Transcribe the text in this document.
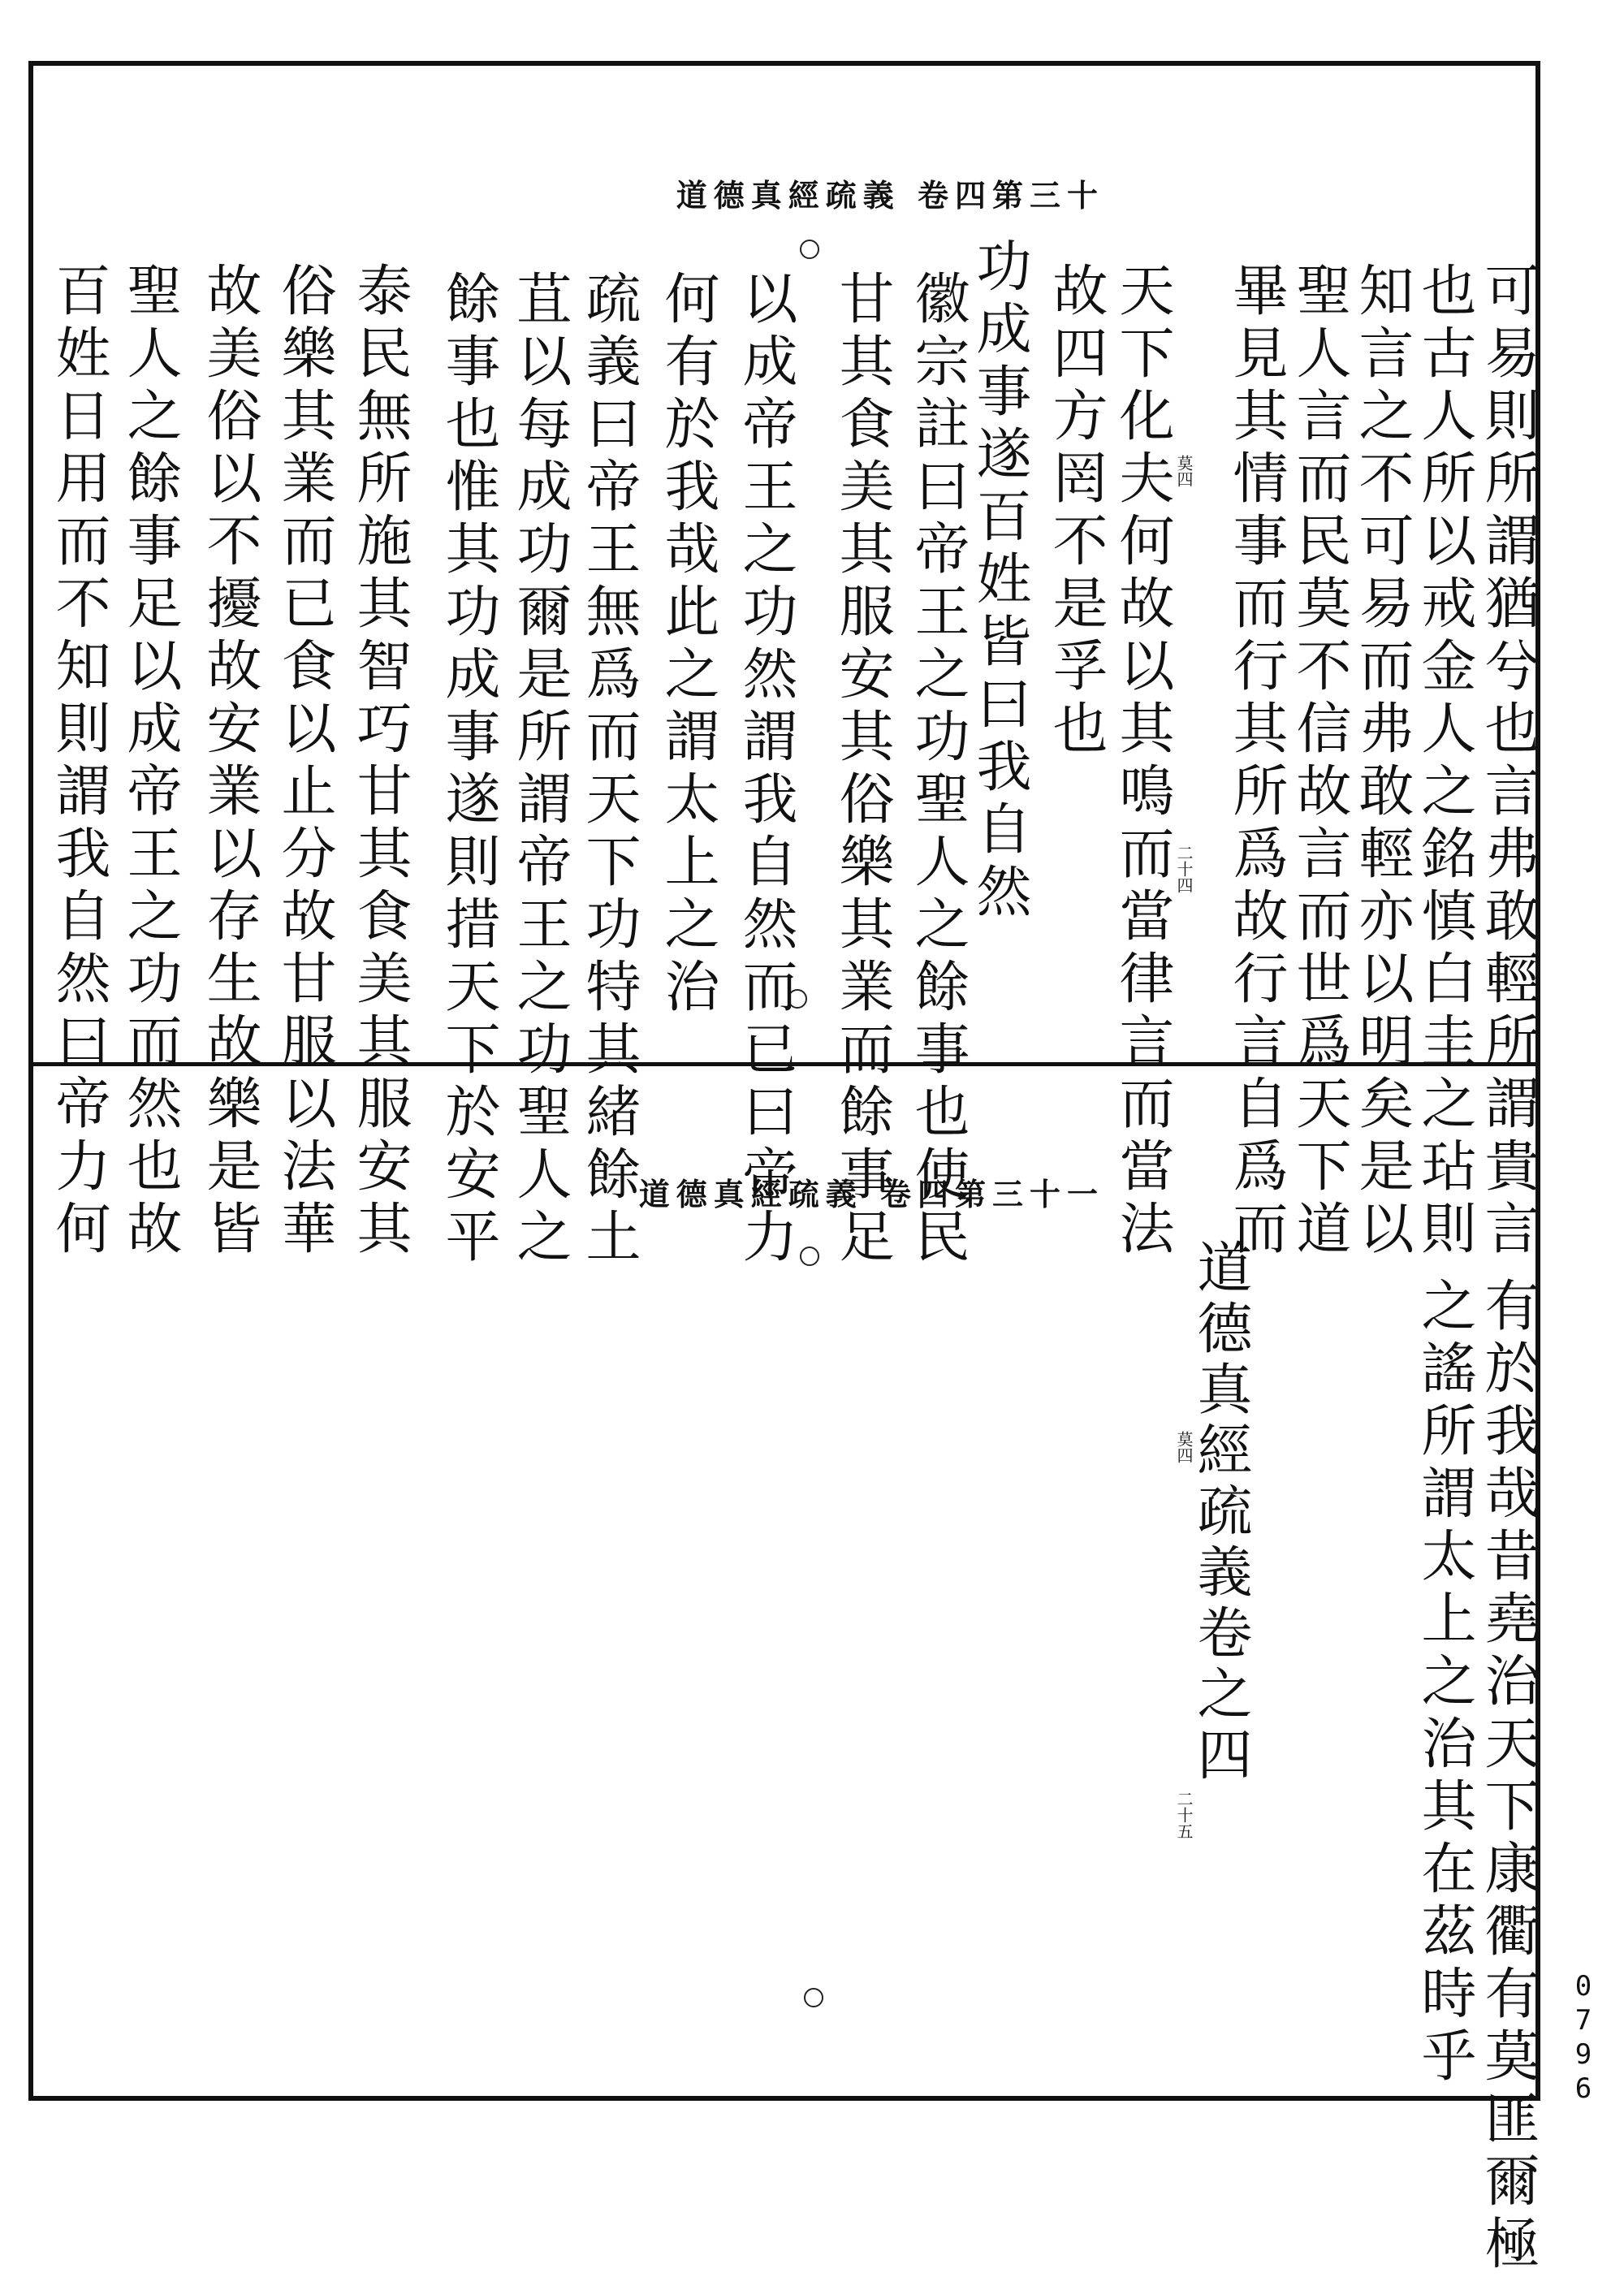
道德真經疏義 卷四第三十
可易則所謂猶兮也言弗敢輕所謂貴言
也古人所以戒金人之銘慎白圭之玷則
知言之不可易而弗敢輕亦以明矣是以
聖人言而民莫不信故言而世爲天下道
畢見其情事而行其所爲故行言自爲而
天下化夫何故以其鳴而當律言而當法
故四方罔不是孚也
功成事遂百姓皆曰我自然
徽宗註曰帝王之功聖人之餘事也使民
甘其食美其服安其俗樂其業而餘事足
以成帝王之功然謂我自然而已曰帝力
何有於我哉此之謂太上之治
疏義曰帝王無爲而天下功特其緒餘土
苴以每成功爾是所謂帝王之功聖人之
餘事也惟其功成事遂則措天下於安平
泰民無所施其智巧甘其食美其服安其
俗樂其業而已食以止分故甘服以法華
故美俗以不擾故安業以存生故樂是皆
聖人之餘事足以成帝王之功而然也故
百姓日用而不知則謂我自然曰帝力何	莫四
二十四
道德真經疏義 卷四第三十一
有於我哉昔堯治天下康衢有莫匪爾極
之謠所謂太上之治其在茲時乎
道德真經疏義卷之四
莫四
二十五
0796
